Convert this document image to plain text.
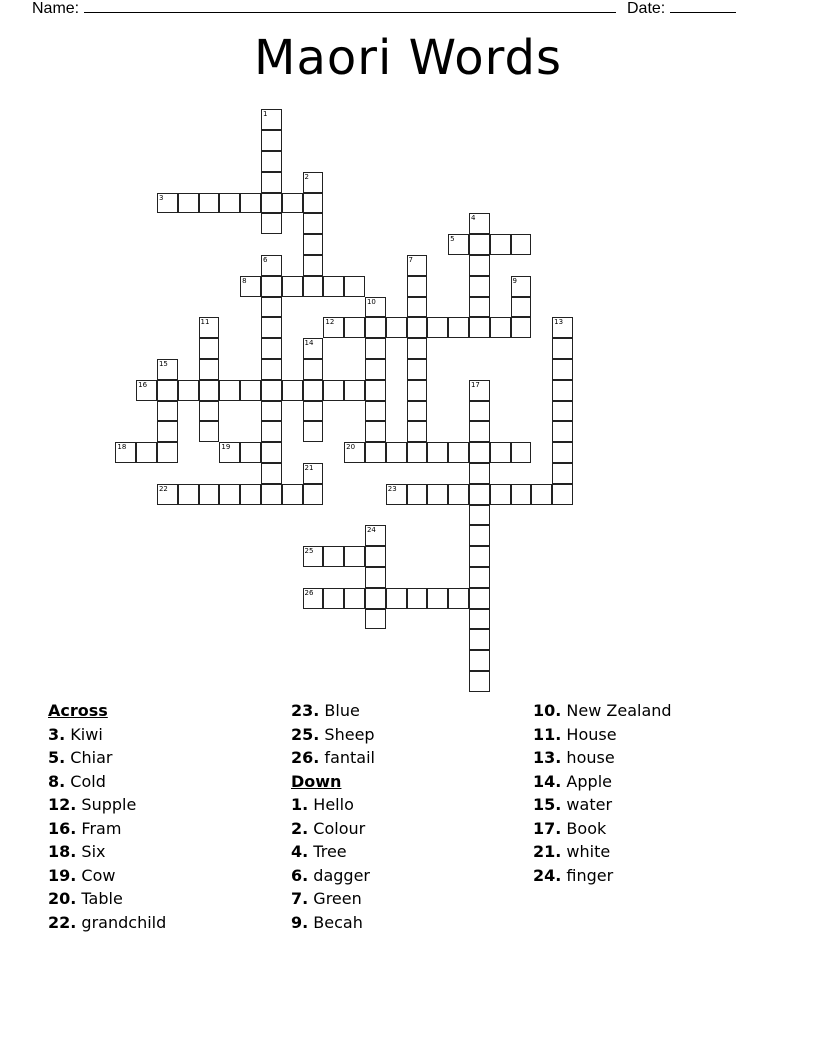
Name:	Date:
Maori Words
1
2
3
4
5
6	7
8	9
10
11	12	13
14
15
16	17
18	19	20
21
22	23
24
25
26
Across
3. Kiwi
5. Chiar
8. Cold
12. Supple
16. Fram
18. Six
19. Cow
20. Table
22. grandchild
23. Blue
25. Sheep
26. fantail
Down
1. Hello
2. Colour
4. Tree
6. dagger
7. Green
9. Becah
10. New Zealand
11. House
13. house
14. Apple
15. water
17. Book
21. white
24. finger
